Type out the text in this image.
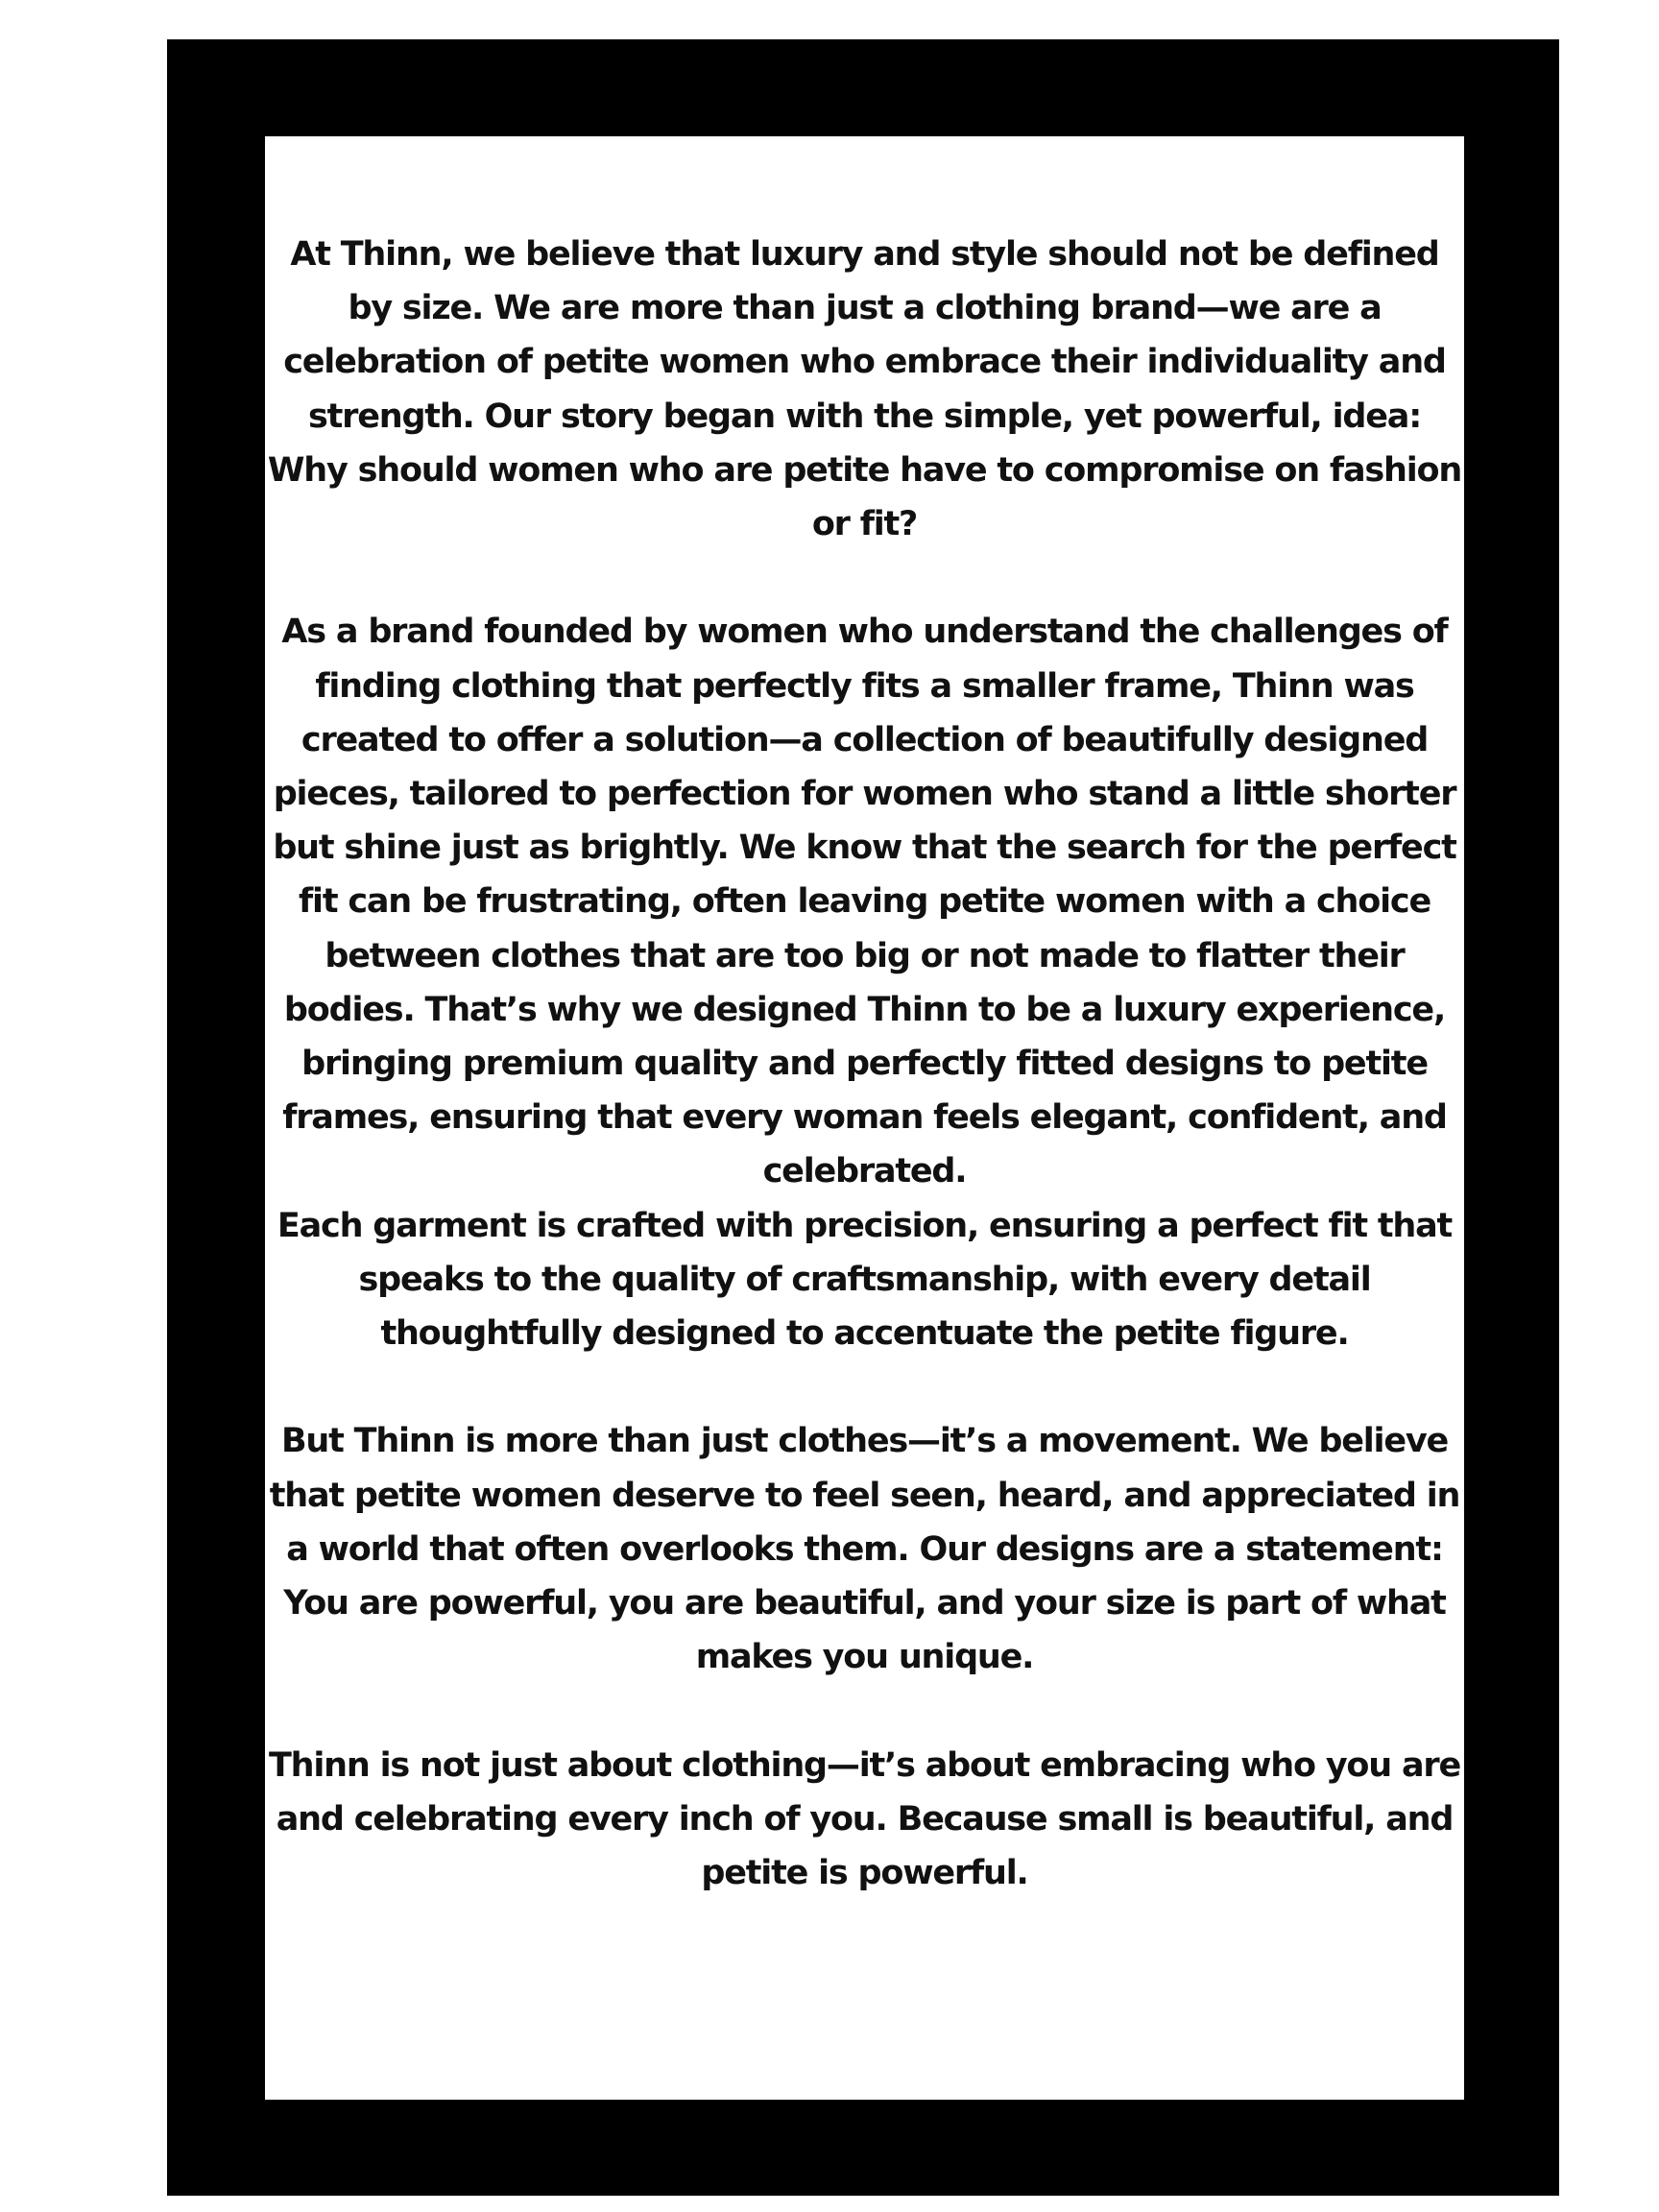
At Thinn, we believe that luxury and style should not be defined by size. We are more than just a clothing brand—we are a celebration of petite women who embrace their individuality and strength. Our story began with the simple, yet powerful, idea: Why should women who are petite have to compromise on fashion or fit?

As a brand founded by women who understand the challenges of finding clothing that perfectly fits a smaller frame, Thinn was created to offer a solution—a collection of beautifully designed pieces, tailored to perfection for women who stand a little shorter but shine just as brightly. We know that the search for the perfect fit can be frustrating, often leaving petite women with a choice between clothes that are too big or not made to flatter their bodies. That’s why we designed Thinn to be a luxury experience, bringing premium quality and perfectly fitted designs to petite frames, ensuring that every woman feels elegant, confident, and celebrated.

Each garment is crafted with precision, ensuring a perfect fit that speaks to the quality of craftsmanship, with every detail thoughtfully designed to accentuate the petite figure.

But Thinn is more than just clothes—it’s a movement. We believe that petite women deserve to feel seen, heard, and appreciated in a world that often overlooks them. Our designs are a statement: You are powerful, you are beautiful, and your size is part of what makes you unique.

Thinn is not just about clothing—it’s about embracing who you are and celebrating every inch of you. Because small is beautiful, and petite is powerful.
